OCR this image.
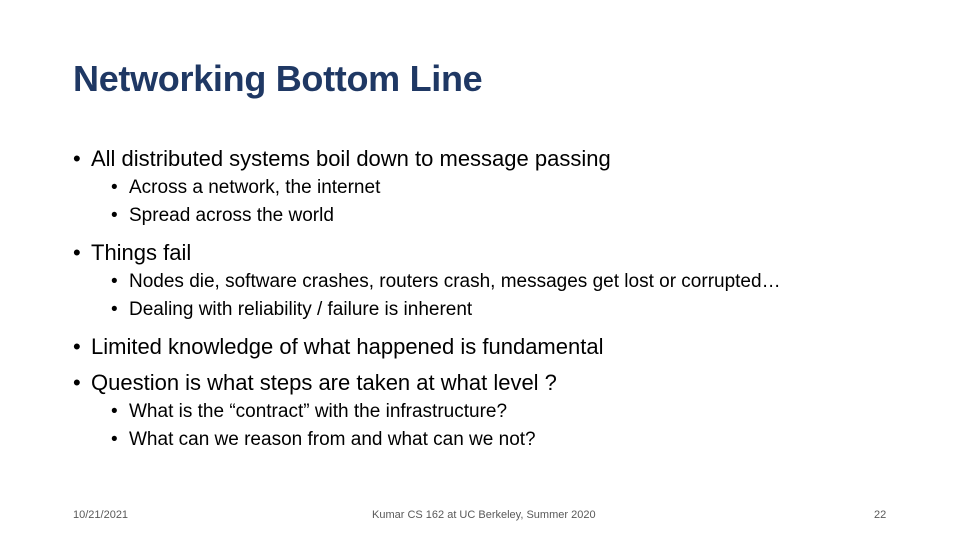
Networking Bottom Line
• All distributed systems boil down to message passing
• Across a network, the internet
• Spread across the world
• Things fail
• Nodes die, software crashes, routers crash, messages get lost or corrupted…
• Dealing with reliability / failure is inherent
• Limited knowledge of what happened is fundamental
• Question is what steps are taken at what level ?
• What is the “contract” with the infrastructure?
• What can we reason from and what can we not?
10/21/2021	Kumar CS 162 at UC Berkeley, Summer 2020	22
